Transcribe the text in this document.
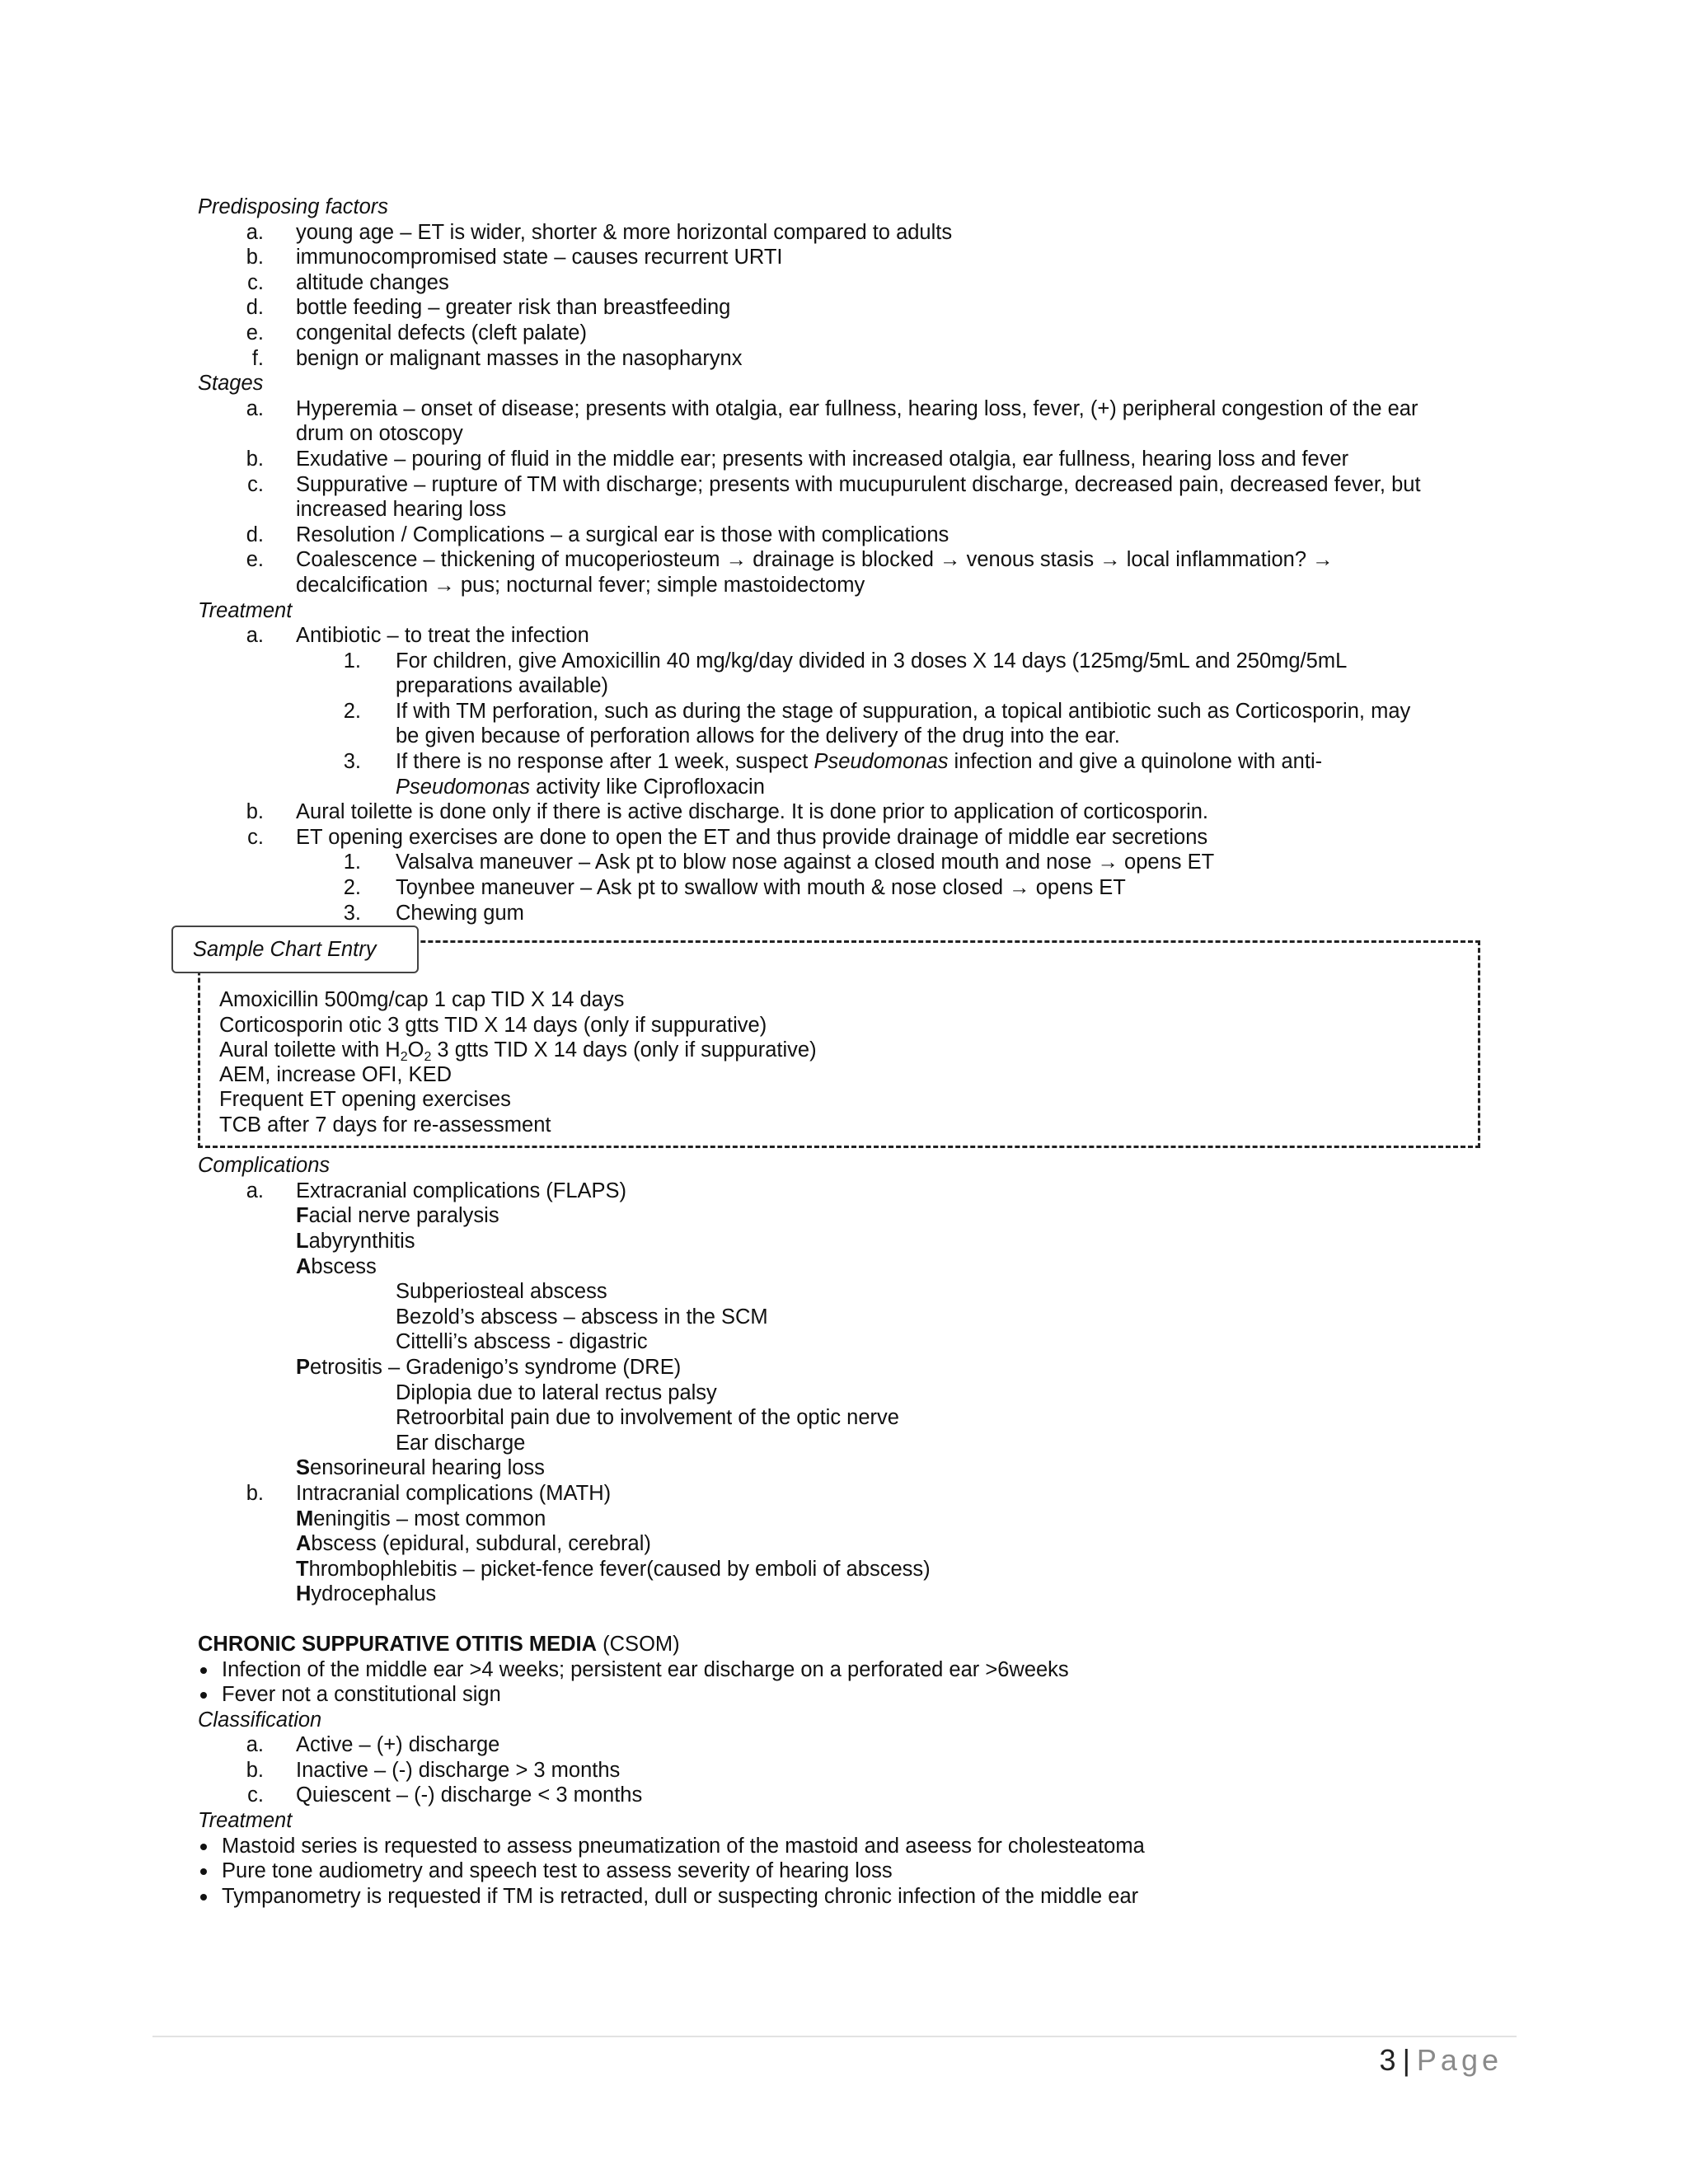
Predisposing factors

a. young age – ET is wider, shorter & more horizontal compared to adults
b. immunocompromised state – causes recurrent URTI
c. altitude changes
d. bottle feeding – greater risk than breastfeeding
e. congenital defects (cleft palate)
f. benign or malignant masses in the nasopharynx

Stages

a. Hyperemia – onset of disease; presents with otalgia, ear fullness, hearing loss, fever, (+) peripheral congestion of the ear
drum on otoscopy
b. Exudative – pouring of fluid in the middle ear; presents with increased otalgia, ear fullness, hearing loss and fever
c. Suppurative – rupture of TM with discharge; presents with mucupurulent discharge, decreased pain, decreased fever, but
increased hearing loss
d. Resolution / Complications – a surgical ear is those with complications
e. Coalescence – thickening of mucoperiosteum → drainage is blocked → venous stasis → local inflammation? →
decalcification → pus; nocturnal fever; simple mastoidectomy

Treatment

a. Antibiotic – to treat the infection
1. For children, give Amoxicillin 40 mg/kg/day divided in 3 doses X 14 days (125mg/5mL and 250mg/5mL
preparations available)
2. If with TM perforation, such as during the stage of suppuration, a topical antibiotic such as Corticosporin, may
be given because of perforation allows for the delivery of the drug into the ear.
3. If there is no response after 1 week, suspect Pseudomonas infection and give a quinolone with anti-
Pseudomonas activity like Ciprofloxacin
b. Aural toilette is done only if there is active discharge. It is done prior to application of corticosporin.
c. ET opening exercises are done to open the ET and thus provide drainage of middle ear secretions
1. Valsalva maneuver – Ask pt to blow nose against a closed mouth and nose → opens ET
2. Toynbee maneuver – Ask pt to swallow with mouth & nose closed → opens ET
3. Chewing gum
Sample Chart Entry
Amoxicillin 500mg/cap 1 cap TID X 14 days
Corticosporin otic 3 gtts TID X 14 days (only if suppurative)
Aural toilette with $H_2O_2$ 3 gtts TID X 14 days (only if suppurative)
AEM, increase OFI, KED
Frequent ET opening exercises
TCB after 7 days for re-assessment

Complications

a. Extracranial complications (FLAPS)
Facial nerve paralysis
Labyrynthitis
Abscess
Subperiosteal abscess
Bezold’s abscess – abscess in the SCM
Cittelli’s abscess - digastric
Petrositis – Gradenigo’s syndrome (DRE)
Diplopia due to lateral rectus palsy
Retroorbital pain due to involvement of the optic nerve
Ear discharge
Sensorineural hearing loss
b. Intracranial complications (MATH)
Meningitis – most common
Abscess (epidural, subdural, cerebral)
Thrombophlebitis – picket-fence fever(caused by emboli of abscess)
Hydrocephalus
CHRONIC SUPPURATIVE OTITIS MEDIA (CSOM)
Infection of the middle ear >4 weeks; persistent ear discharge on a perforated ear >6weeks
Fever not a constitutional sign

Classification

a. Active – (+) discharge
b. Inactive – (-) discharge > 3 months
c. Quiescent – (-) discharge < 3 months

Treatment

Mastoid series is requested to assess pneumatization of the mastoid and aseess for cholesteatoma
Pure tone audiometry and speech test to assess severity of hearing loss
Tympanometry is requested if TM is retracted, dull or suspecting chronic infection of the middle ear
3 | Page
